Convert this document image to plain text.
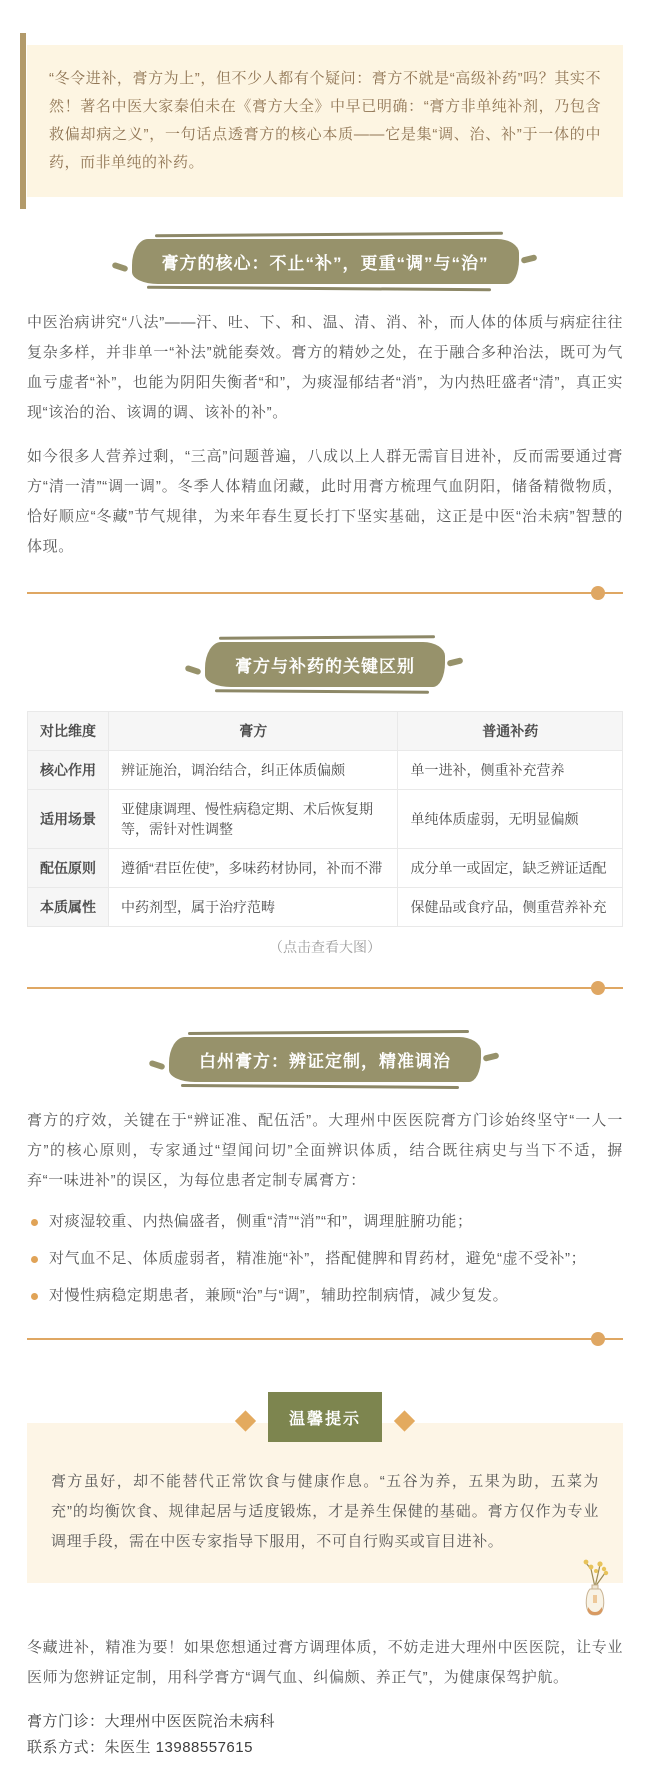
“冬令进补，膏方为上”，但不少人都有个疑问：膏方不就是“高级补药”吗？其实不然！著名中医大家秦伯未在《膏方大全》中早已明确：“膏方非单纯补剂，乃包含救偏却病之义”，一句话点透膏方的核心本质——它是集“调、治、补”于一体的中药，而非单纯的补药。
膏方的核心：不止“补”，更重“调”与“治”

中医治病讲究“八法”——汗、吐、下、和、温、清、消、补，而人体的体质与病症往往复杂多样，并非单一“补法”就能奏效。膏方的精妙之处，在于融合多种治法，既可为气血亏虚者“补”，也能为阴阳失衡者“和”，为痰湿郁结者“消”，为内热旺盛者“清”，真正实现“该治的治、该调的调、该补的补”。

如今很多人营养过剩，“三高”问题普遍，八成以上人群无需盲目进补，反而需要通过膏方“清一清”“调一调”。冬季人体精血闭藏，此时用膏方梳理气血阴阳，储备精微物质，恰好顺应“冬藏”节气规律，为来年春生夏长打下坚实基础，这正是中医“治未病”智慧的体现。

膏方与补药的关键区别
对比维度	膏方	普通补药
核心作用	辨证施治，调治结合，纠正体质偏颇	单一进补，侧重补充营养
适用场景	亚健康调理、慢性病稳定期、术后恢复期等，需针对性调整	单纯体质虚弱，无明显偏颇
配伍原则	遵循“君臣佐使”，多味药材协同，补而不滞	成分单一或固定，缺乏辨证适配
本质属性	中药剂型，属于治疗范畴	保健品或食疗品，侧重营养补充
（点击查看大图）
白州膏方：辨证定制，精准调治

膏方的疗效，关键在于“辨证准、配伍活”。大理州中医医院膏方门诊始终坚守“一人一方”的核心原则，专家通过“望闻问切”全面辨识体质，结合既往病史与当下不适，摒弃“一味进补”的误区，为每位患者定制专属膏方：

对痰湿较重、内热偏盛者，侧重“清”“消”“和”，调理脏腑功能；
对气血不足、体质虚弱者，精准施“补”，搭配健脾和胃药材，避免“虚不受补”；
对慢性病稳定期患者，兼顾“治”与“调”，辅助控制病情，减少复发。
温馨提示
膏方虽好，却不能替代正常饮食与健康作息。“五谷为养，五果为助，五菜为充”的均衡饮食、规律起居与适度锻炼，才是养生保健的基础。膏方仅作为专业调理手段，需在中医专家指导下服用，不可自行购买或盲目进补。

冬藏进补，精准为要！如果您想通过膏方调理体质，不妨走进大理州中医医院，让专业医师为您辨证定制，用科学膏方“调气血、纠偏颇、养正气”，为健康保驾护航。

膏方门诊：大理州中医医院治未病科
联系方式：朱医生 13988557615
